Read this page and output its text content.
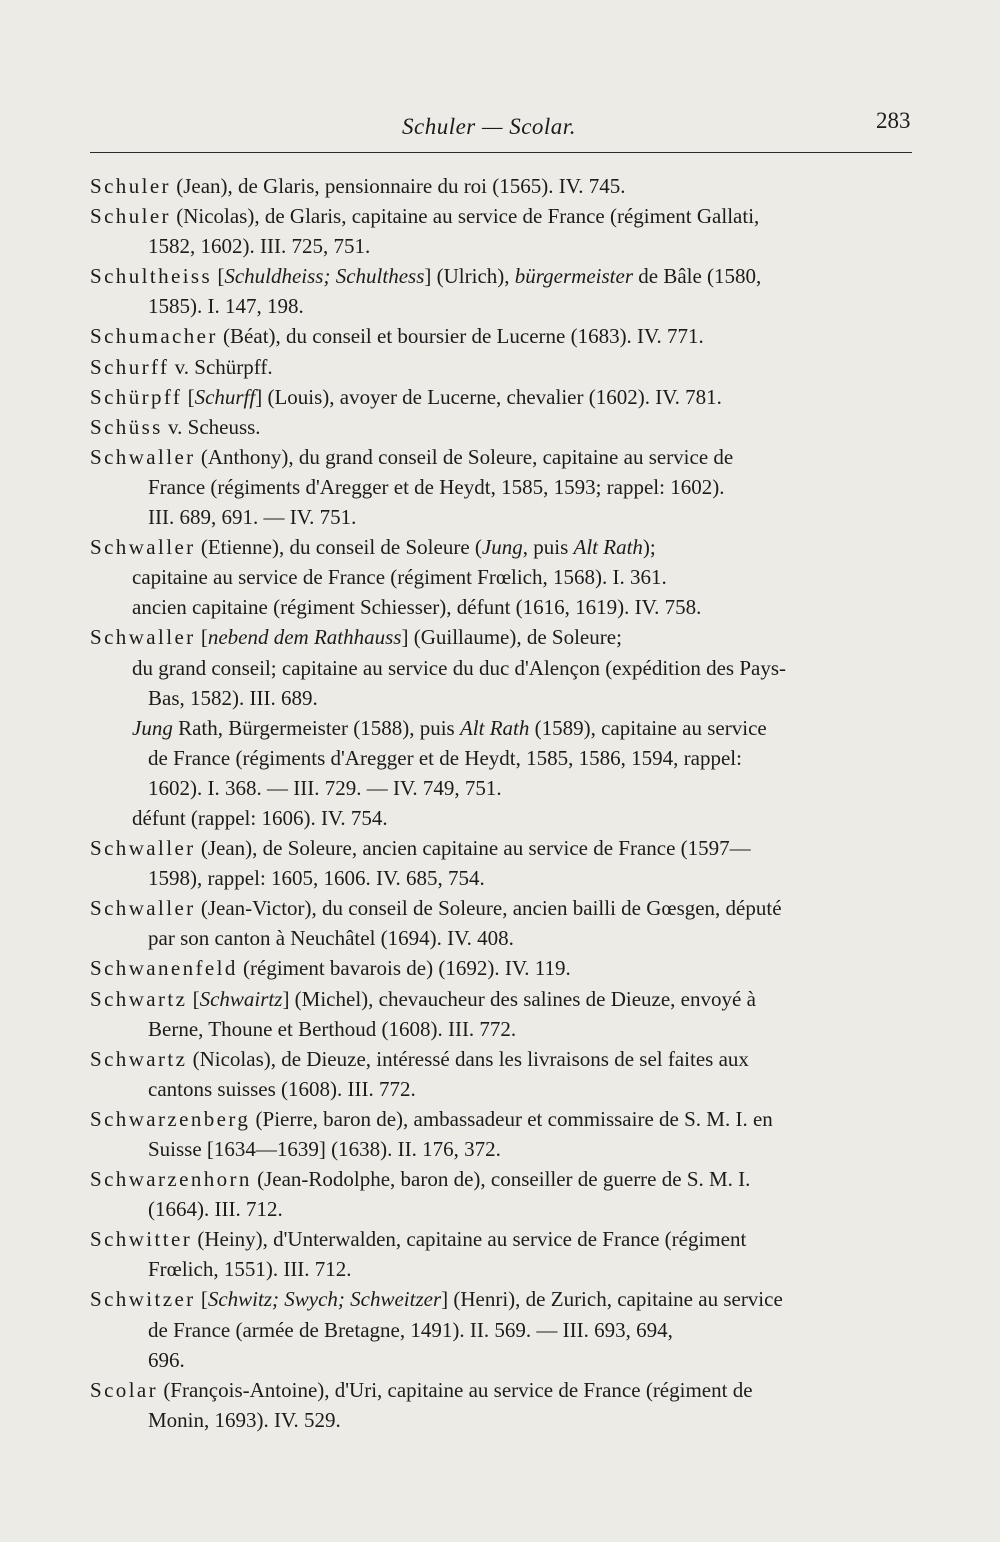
Schuler — Scolar.	283

Schuler (Jean), de Glaris, pensionnaire du roi (1565). IV. 745.

Schuler (Nicolas), de Glaris, capitaine au service de France (régiment Gallati,
1582, 1602). III. 725, 751.

Schultheiss [Schuldheiss; Schulthess] (Ulrich), bürgermeister de Bâle (1580,
1585). I. 147, 198.

Schumacher (Béat), du conseil et boursier de Lucerne (1683). IV. 771.

Schurff v. Schürpff.

Schürpff [Schurff] (Louis), avoyer de Lucerne, chevalier (1602). IV. 781.

Schüss v. Scheuss.

Schwaller (Anthony), du grand conseil de Soleure, capitaine au service de
France (régiments d'Aregger et de Heydt, 1585, 1593; rappel: 1602).
III. 689, 691. — IV. 751.

Schwaller (Etienne), du conseil de Soleure (Jung, puis Alt Rath);
capitaine au service de France (régiment Frœlich, 1568). I. 361.
ancien capitaine (régiment Schiesser), défunt (1616, 1619). IV. 758.

Schwaller [nebend dem Rathhauss] (Guillaume), de Soleure;
du grand conseil; capitaine au service du duc d'Alençon (expédition des Pays-
Bas, 1582). III. 689.
Jung Rath, Bürgermeister (1588), puis Alt Rath (1589), capitaine au service
de France (régiments d'Aregger et de Heydt, 1585, 1586, 1594, rappel:
1602). I. 368. — III. 729. — IV. 749, 751.
défunt (rappel: 1606). IV. 754.

Schwaller (Jean), de Soleure, ancien capitaine au service de France (1597—
1598), rappel: 1605, 1606. IV. 685, 754.

Schwaller (Jean-Victor), du conseil de Soleure, ancien bailli de Gœsgen, député
par son canton à Neuchâtel (1694). IV. 408.

Schwanenfeld (régiment bavarois de) (1692). IV. 119.

Schwartz [Schwairtz] (Michel), chevaucheur des salines de Dieuze, envoyé à
Berne, Thoune et Berthoud (1608). III. 772.

Schwartz (Nicolas), de Dieuze, intéressé dans les livraisons de sel faites aux
cantons suisses (1608). III. 772.

Schwarzenberg (Pierre, baron de), ambassadeur et commissaire de S. M. I. en
Suisse [1634—1639] (1638). II. 176, 372.

Schwarzenhorn (Jean-Rodolphe, baron de), conseiller de guerre de S. M. I.
(1664). III. 712.

Schwitter (Heiny), d'Unterwalden, capitaine au service de France (régiment
Frœlich, 1551). III. 712.

Schwitzer [Schwitz; Swych; Schweitzer] (Henri), de Zurich, capitaine au service
de France (armée de Bretagne, 1491). II. 569. — III. 693, 694,
696.

Scolar (François-Antoine), d'Uri, capitaine au service de France (régiment de
Monin, 1693). IV. 529.
